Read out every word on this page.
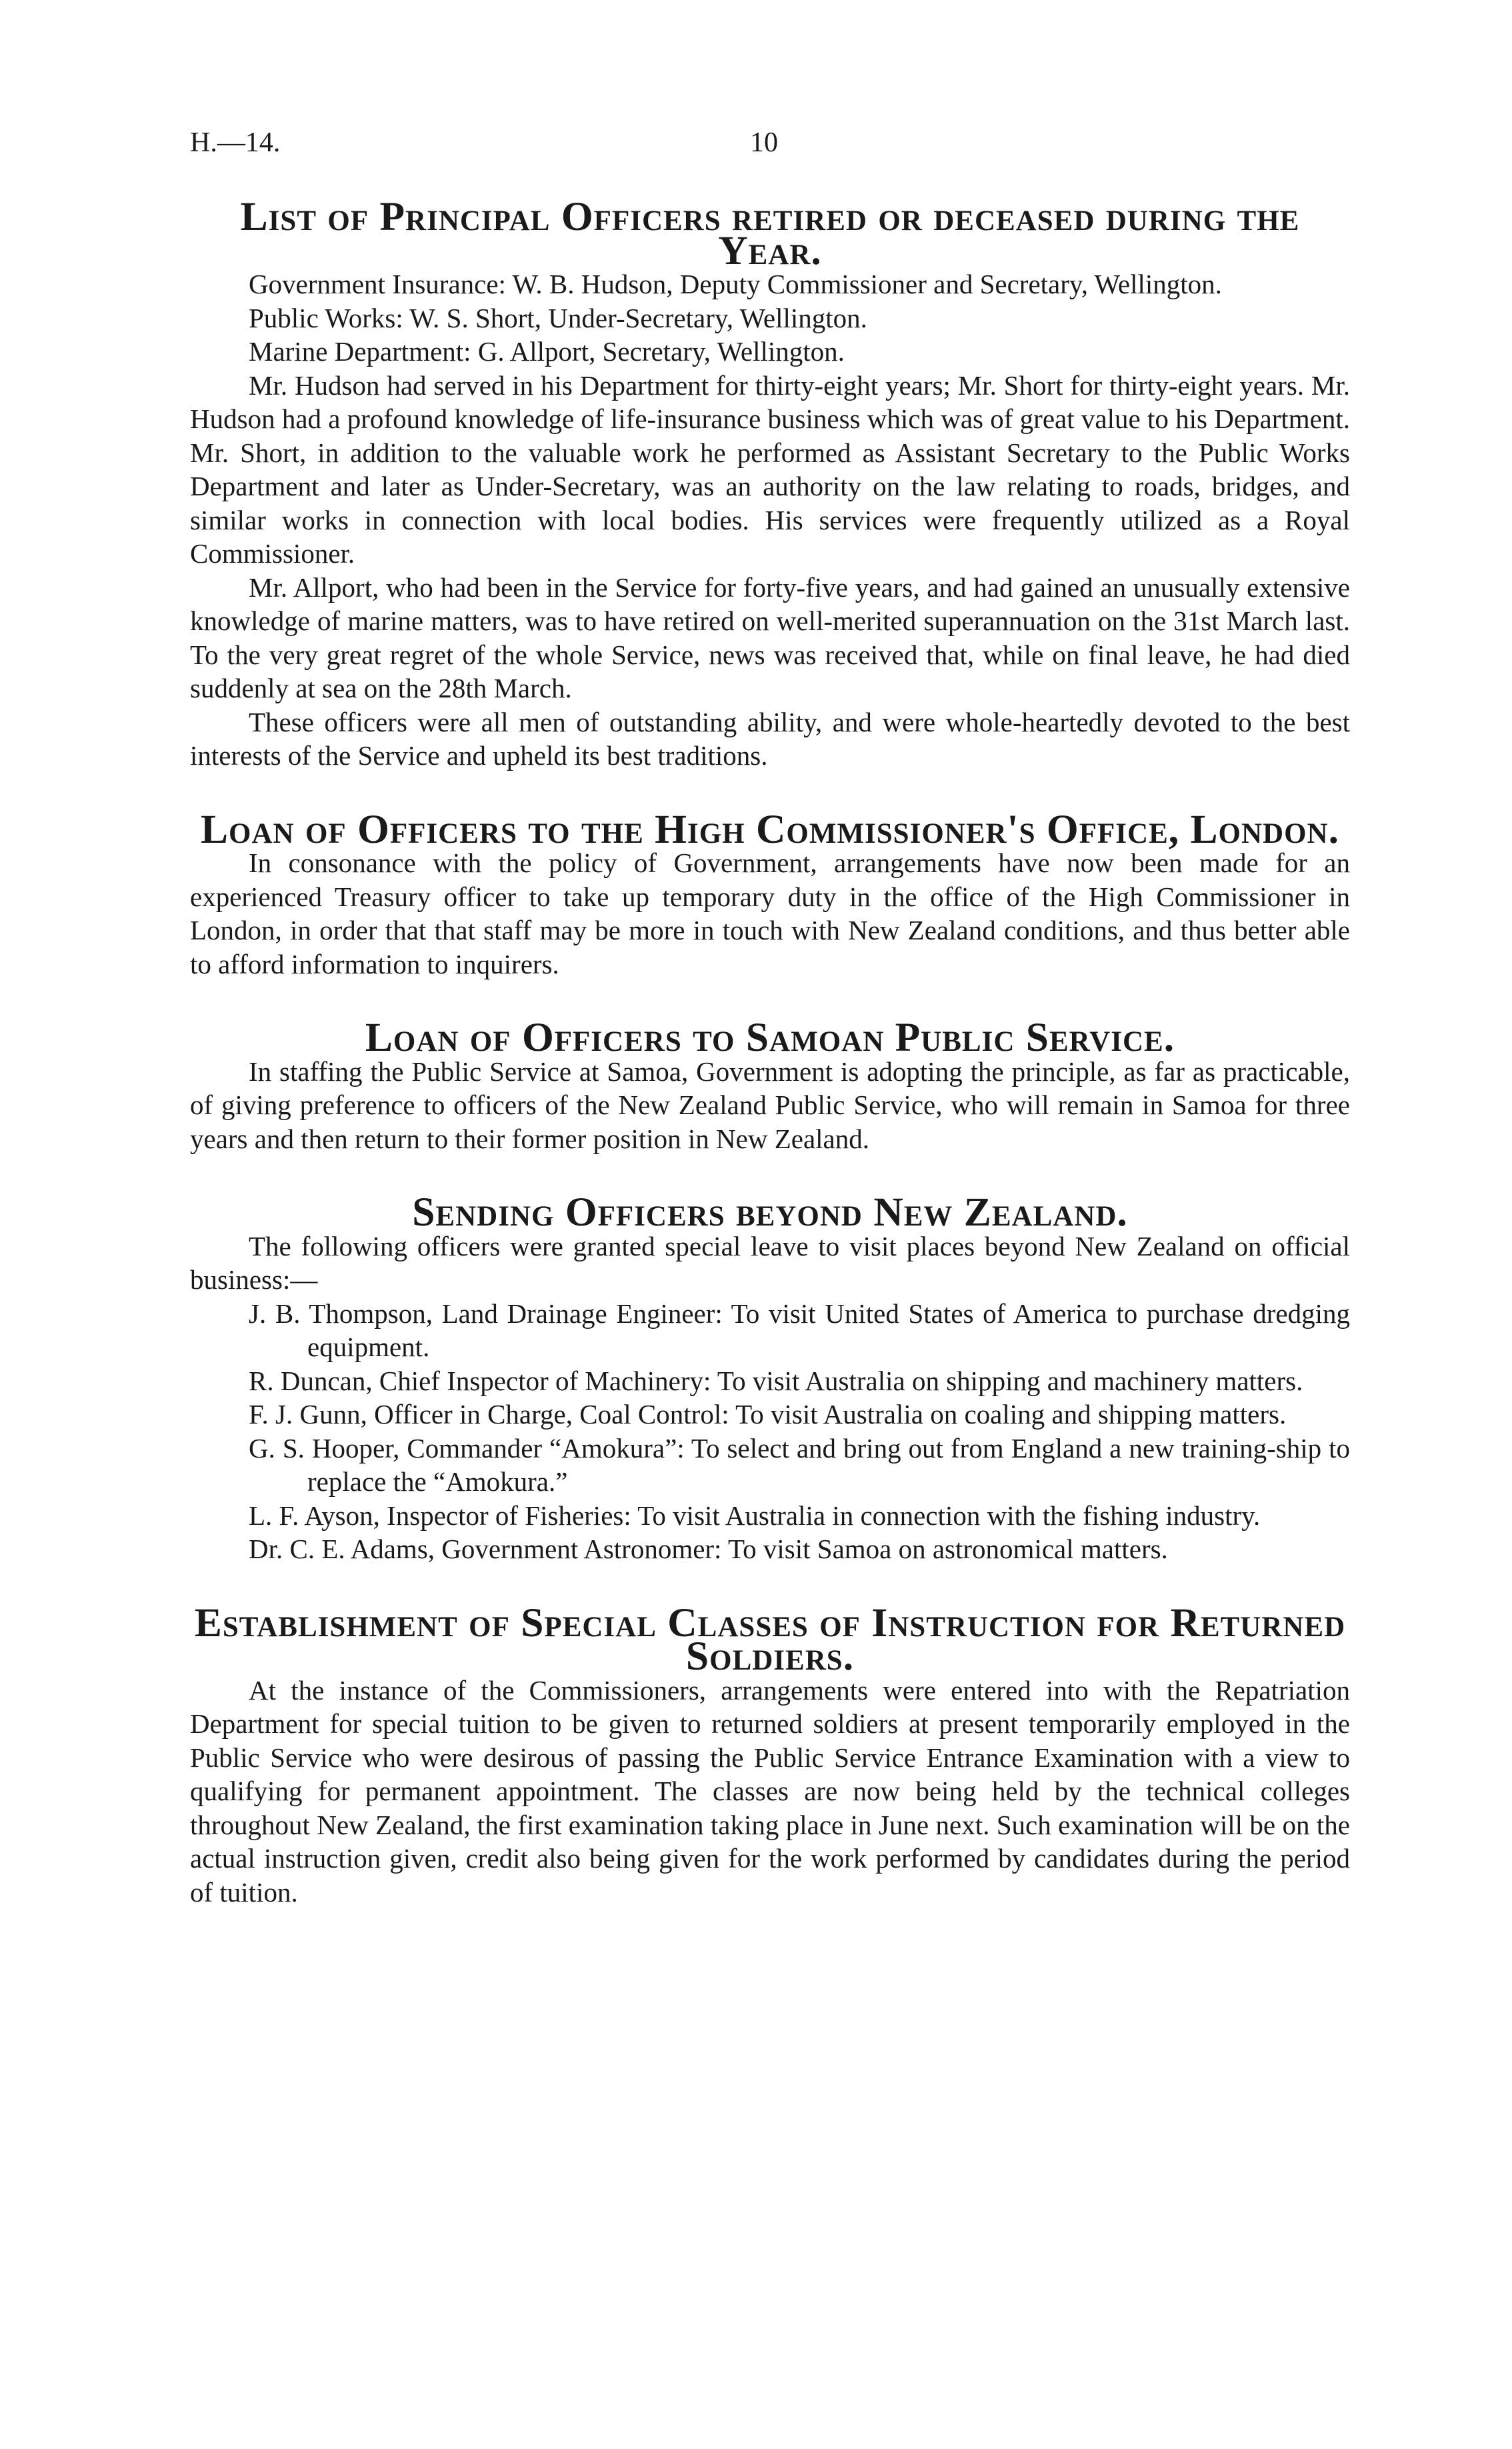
H.—14.	10
List of Principal Officers retired or deceased during the Year.
Government Insurance: W. B. Hudson, Deputy Commissioner and Secretary, Wellington.
Public Works: W. S. Short, Under-Secretary, Wellington.
Marine Department: G. Allport, Secretary, Wellington.

Mr. Hudson had served in his Department for thirty-eight years; Mr. Short for thirty-eight years. Mr. Hudson had a profound knowledge of life-insurance business which was of great value to his Department. Mr. Short, in addition to the valuable work he performed as Assistant Secretary to the Public Works Department and later as Under-Secretary, was an authority on the law relating to roads, bridges, and similar works in connection with local bodies. His services were frequently utilized as a Royal Commissioner.

Mr. Allport, who had been in the Service for forty-five years, and had gained an unusually extensive knowledge of marine matters, was to have retired on well-merited superannuation on the 31st March last. To the very great regret of the whole Service, news was received that, while on final leave, he had died suddenly at sea on the 28th March.

These officers were all men of outstanding ability, and were whole-heartedly devoted to the best interests of the Service and upheld its best traditions.

Loan of Officers to the High Commissioner's Office, London.

In consonance with the policy of Government, arrangements have now been made for an experienced Treasury officer to take up temporary duty in the office of the High Commissioner in London, in order that that staff may be more in touch with New Zealand conditions, and thus better able to afford information to inquirers.

Loan of Officers to Samoan Public Service.

In staffing the Public Service at Samoa, Government is adopting the principle, as far as practicable, of giving preference to officers of the New Zealand Public Service, who will remain in Samoa for three years and then return to their former position in New Zealand.

Sending Officers beyond New Zealand.

The following officers were granted special leave to visit places beyond New Zealand on official business:—

J. B. Thompson, Land Drainage Engineer: To visit United States of America to purchase dredging equipment.
R. Duncan, Chief Inspector of Machinery: To visit Australia on shipping and machinery matters.
F. J. Gunn, Officer in Charge, Coal Control: To visit Australia on coaling and shipping matters.
G. S. Hooper, Commander “Amokura”: To select and bring out from England a new training-ship to replace the “Amokura.”
L. F. Ayson, Inspector of Fisheries: To visit Australia in connection with the fishing industry.
Dr. C. E. Adams, Government Astronomer: To visit Samoa on astronomical matters.
Establishment of Special Classes of Instruction for Returned Soldiers.

At the instance of the Commissioners, arrangements were entered into with the Repatriation Department for special tuition to be given to returned soldiers at present temporarily employed in the Public Service who were desirous of passing the Public Service Entrance Examination with a view to qualifying for permanent appointment. The classes are now being held by the technical colleges throughout New Zealand, the first examination taking place in June next. Such examination will be on the actual instruction given, credit also being given for the work performed by candidates during the period of tuition.
